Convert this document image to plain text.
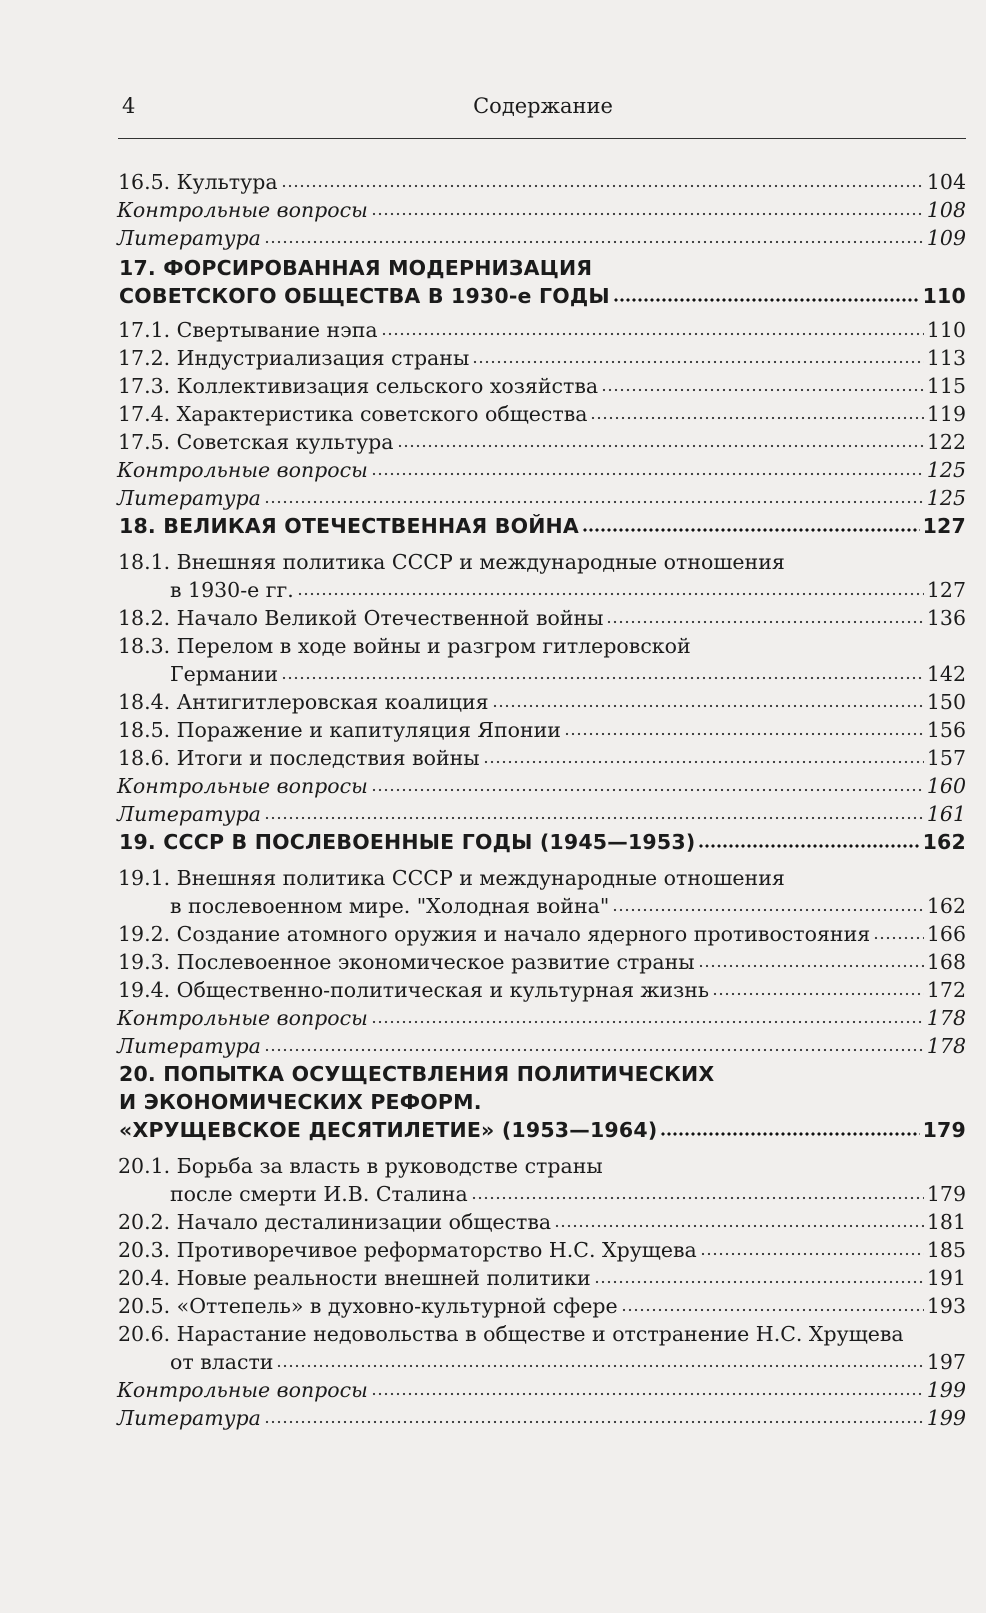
4	Содержание
16.5. Культура	104
Контрольные вопросы	108
Литература	109
17. ФОРСИРОВАННАЯ МОДЕРНИЗАЦИЯ
СОВЕТСКОГО ОБЩЕСТВА В 1930-е ГОДЫ	110
17.1. Свертывание нэпа	110
17.2. Индустриализация страны	113
17.3. Коллективизация сельского хозяйства	115
17.4. Характеристика советского общества	119
17.5. Советская культура	122
Контрольные вопросы	125
Литература	125
18. ВЕЛИКАЯ ОТЕЧЕСТВЕННАЯ ВОЙНА	127
18.1. Внешняя политика СССР и международные отношения
в 1930-е гг.	127
18.2. Начало Великой Отечественной войны	136
18.3. Перелом в ходе войны и разгром гитлеровской
Германии	142
18.4. Антигитлеровская коалиция	150
18.5. Поражение и капитуляция Японии	156
18.6. Итоги и последствия войны	157
Контрольные вопросы	160
Литература	161
19. СССР В ПОСЛЕВОЕННЫЕ ГОДЫ (1945—1953)	162
19.1. Внешняя политика СССР и международные отношения
в послевоенном мире. "Холодная война"	162
19.2. Создание атомного оружия и начало ядерного противостояния	166
19.3. Послевоенное экономическое развитие страны	168
19.4. Общественно-политическая и культурная жизнь	172
Контрольные вопросы	178
Литература	178
20. ПОПЫТКА ОСУЩЕСТВЛЕНИЯ ПОЛИТИЧЕСКИХ
И ЭКОНОМИЧЕСКИХ РЕФОРМ.
«ХРУЩЕВСКОЕ ДЕСЯТИЛЕТИЕ» (1953—1964)	179
20.1. Борьба за власть в руководстве страны
после смерти И.В. Сталина	179
20.2. Начало десталинизации общества	181
20.3. Противоречивое реформаторство Н.С. Хрущева	185
20.4. Новые реальности внешней политики	191
20.5. «Оттепель» в духовно-культурной сфере	193
20.6. Нарастание недовольства в обществе и отстранение Н.С. Хрущева
от власти	197
Контрольные вопросы	199
Литература	199
